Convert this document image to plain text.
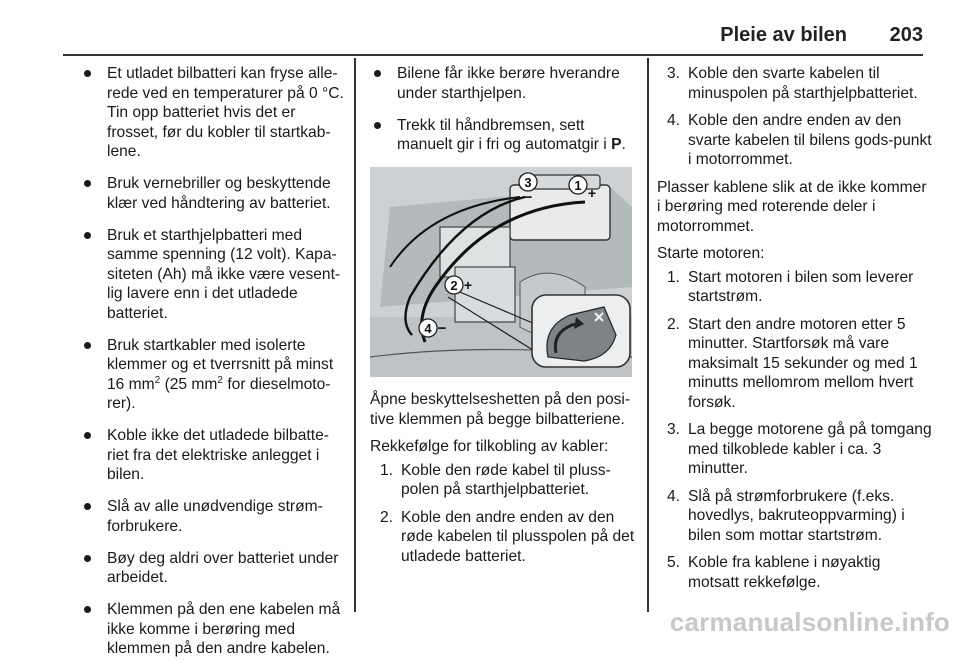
Pleie av bilen 203
Et utladet bilbatteri kan fryse alle-rede ved en temperaturer på 0 °C. Tin opp batteriet hvis det er frosset, før du kobler til startkab-lene.
Bruk vernebriller og beskyttende klær ved håndtering av batteriet.
Bruk et starthjelpbatteri med samme spenning (12 volt). Kapa-siteten (Ah) må ikke være vesent-lig lavere enn i det utladede batteriet.
Bruk startkabler med isolerte klemmer og et tverrsnitt på minst 16 $mm^2$ (25 $mm^2$ for dieselmoto-rer).
Koble ikke det utladede bilbatte-riet fra det elektriske anlegget i bilen.
Slå av alle unødvendige strøm-forbrukere.
Bøy deg aldri over batteriet under arbeidet.
Klemmen på den ene kabelen må ikke komme i berøring med klemmen på den andre kabelen.
Bilene får ikke berøre hverandre under starthjelpen.
Trekk til håndbremsen, sett manuelt gir i fri og automatgir i P.
1 +
3
−
2 +
4 −

Åpne beskyttelseshetten på den posi-tive klemmen på begge bilbatteriene.

Rekkefølge for tilkobling av kabler:

1. Koble den røde kabel til pluss-polen på starthjelpbatteriet.
2. Koble den andre enden av den røde kabelen til plusspolen på det utladede batteriet.
3. Koble den svarte kabelen til minuspolen på starthjelpbatteriet.
4. Koble den andre enden av den svarte kabelen til bilens gods-punkt i motorrommet.

Plasser kablene slik at de ikke kommer i berøring med roterende deler i motorrommet.

Starte motoren:

1. Start motoren i bilen som leverer startstrøm.
2. Start den andre motoren etter 5 minutter. Startforsøk må vare maksimalt 15 sekunder og med 1 minutts mellomrom mellom hvert forsøk.
3. La begge motorene gå på tomgang med tilkoblede kabler i ca. 3 minutter.
4. Slå på strømforbrukere (f.eks. hovedlys, bakruteoppvarming) i bilen som mottar startstrøm.
5. Koble fra kablene i nøyaktig motsatt rekkefølge.
carmanualsonline.info
